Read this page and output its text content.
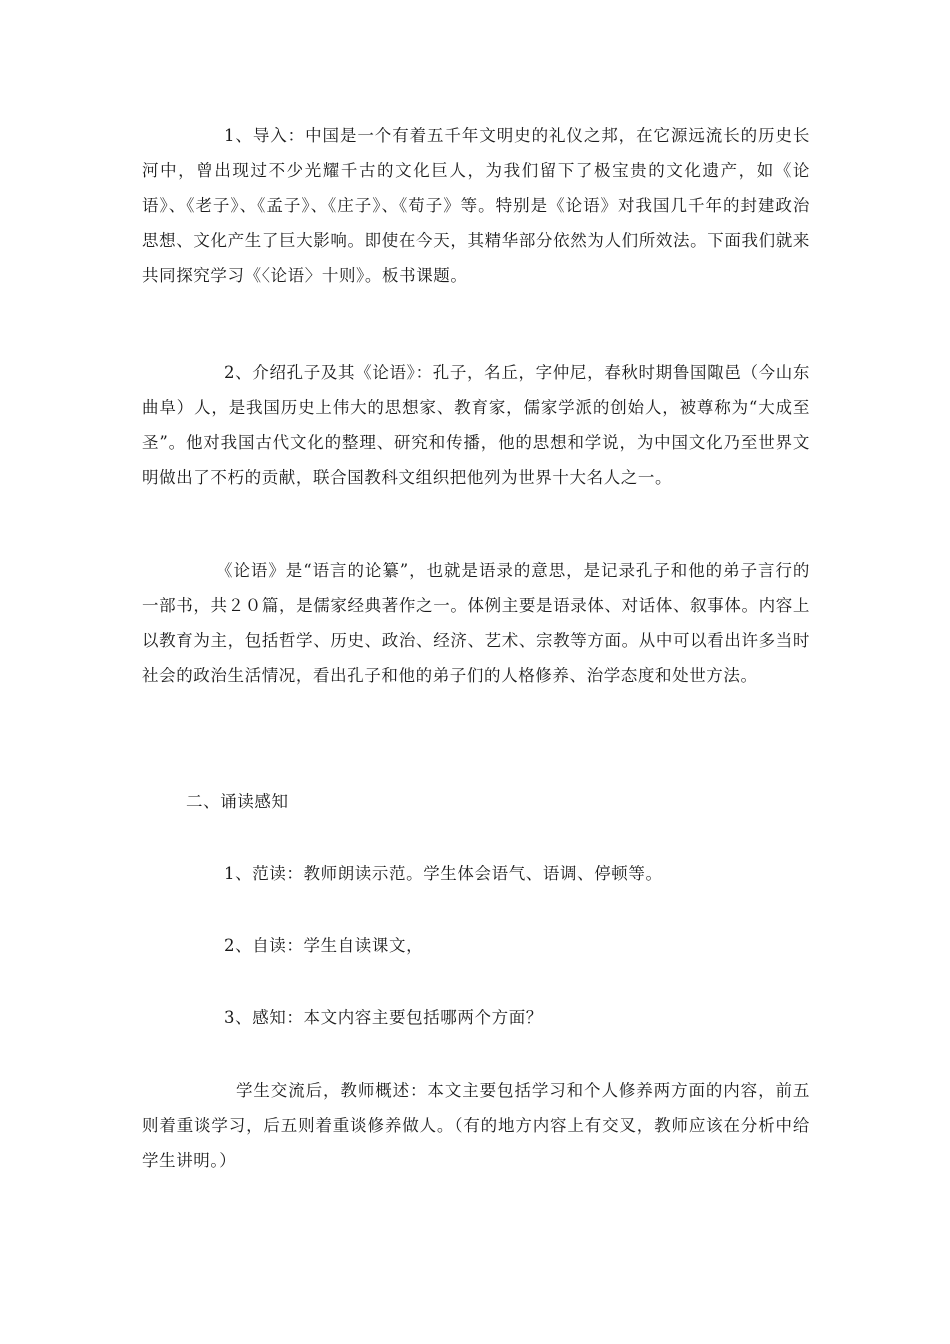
1、导入：中国是一个有着五千年文明史的礼仪之邦，在它源远流长的历史长河中，曾出现过不少光耀千古的文化巨人，为我们留下了极宝贵的文化遗产，如《论语》、《老子》、《孟子》、《庄子》、《荀子》等。特别是《论语》对我国几千年的封建政治思想、文化产生了巨大影响。即使在今天，其精华部分依然为人们所效法。下面我们就来共同探究学习《〈论语〉十则》。板书课题。

2、介绍孔子及其《论语》：孔子，名丘，字仲尼，春秋时期鲁国陬邑（今山东曲阜）人，是我国历史上伟大的思想家、教育家，儒家学派的创始人，被尊称为“大成至圣”。他对我国古代文化的整理、研究和传播，他的思想和学说，为中国文化乃至世界文明做出了不朽的贡献，联合国教科文组织把他列为世界十大名人之一。

《论语》是“语言的论纂”，也就是语录的意思，是记录孔子和他的弟子言行的一部书，共２０篇，是儒家经典著作之一。体例主要是语录体、对话体、叙事体。内容上以教育为主，包括哲学、历史、政治、经济、艺术、宗教等方面。从中可以看出许多当时社会的政治生活情况，看出孔子和他的弟子们的人格修养、治学态度和处世方法。

二、诵读感知

1、范读：教师朗读示范。学生体会语气、语调、停顿等。

2、自读：学生自读课文，

3、感知：本文内容主要包括哪两个方面？

学生交流后，教师概述：本文主要包括学习和个人修养两方面的内容，前五则着重谈学习，后五则着重谈修养做人。（有的地方内容上有交叉，教师应该在分析中给学生讲明。）
